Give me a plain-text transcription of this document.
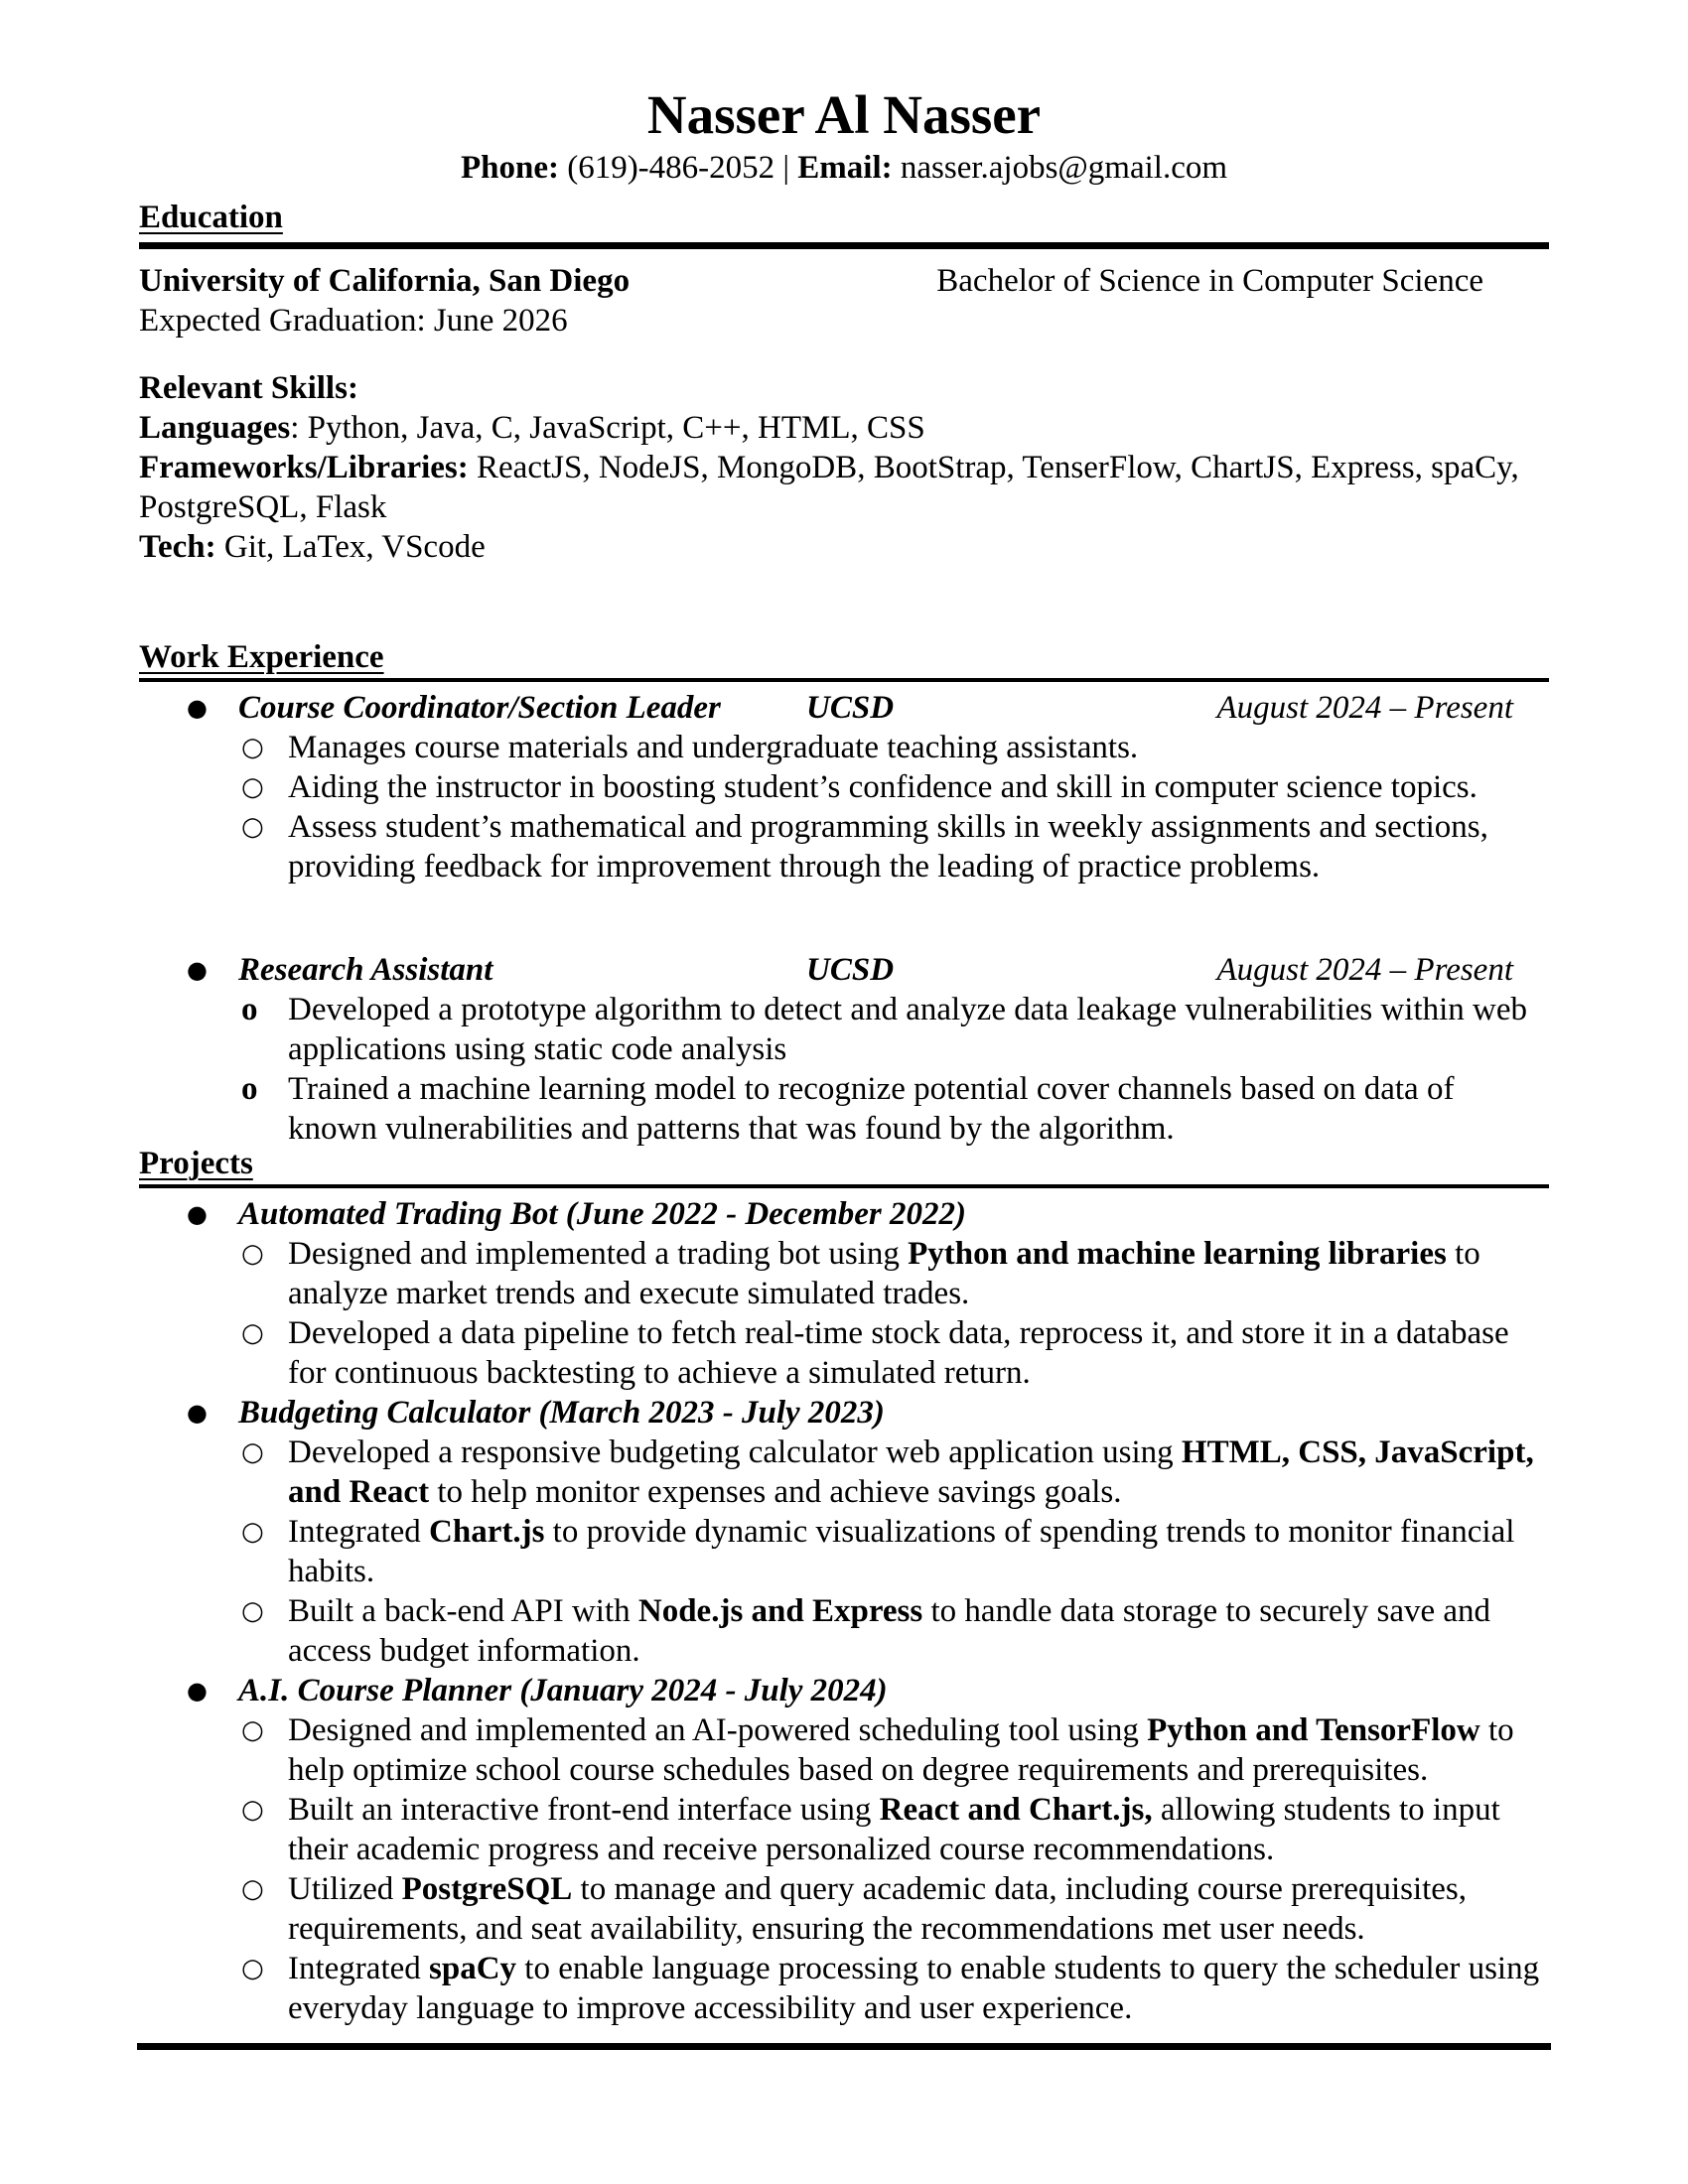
Nasser Al Nasser
Phone: (619)-486-2052 | Email: nasser.ajobs@gmail.com
Education
University of California, San Diego	Bachelor of Science in Computer Science
Expected Graduation: June 2026
Relevant Skills:
Languages: Python, Java, C, JavaScript, C++, HTML, CSS
Frameworks/Libraries: ReactJS, NodeJS, MongoDB, BootStrap, TenserFlow, ChartJS, Express, spaCy, PostgreSQL, Flask
Tech: Git, LaTex, VScode
Work Experience
● Course Coordinator/Section Leader	UCSD	August 2024 – Present
○ Manages course materials and undergraduate teaching assistants.
○ Aiding the instructor in boosting student’s confidence and skill in computer science topics.
○ Assess student’s mathematical and programming skills in weekly assignments and sections, providing feedback for improvement through the leading of practice problems.
● Research Assistant	UCSD	August 2024 – Present
o Developed a prototype algorithm to detect and analyze data leakage vulnerabilities within web applications using static code analysis
o Trained a machine learning model to recognize potential cover channels based on data of known vulnerabilities and patterns that was found by the algorithm.
Projects
● Automated Trading Bot (June 2022 - December 2022)
○ Designed and implemented a trading bot using Python and machine learning libraries to analyze market trends and execute simulated trades.
○ Developed a data pipeline to fetch real-time stock data, reprocess it, and store it in a database for continuous backtesting to achieve a simulated return.
● Budgeting Calculator (March 2023 - July 2023)
○ Developed a responsive budgeting calculator web application using HTML, CSS, JavaScript, and React to help monitor expenses and achieve savings goals.
○ Integrated Chart.js to provide dynamic visualizations of spending trends to monitor financial habits.
○ Built a back-end API with Node.js and Express to handle data storage to securely save and access budget information.
● A.I. Course Planner (January 2024 - July 2024)
○ Designed and implemented an AI-powered scheduling tool using Python and TensorFlow to help optimize school course schedules based on degree requirements and prerequisites.
○ Built an interactive front-end interface using React and Chart.js, allowing students to input their academic progress and receive personalized course recommendations.
○ Utilized PostgreSQL to manage and query academic data, including course prerequisites, requirements, and seat availability, ensuring the recommendations met user needs.
○ Integrated spaCy to enable language processing to enable students to query the scheduler using everyday language to improve accessibility and user experience.
